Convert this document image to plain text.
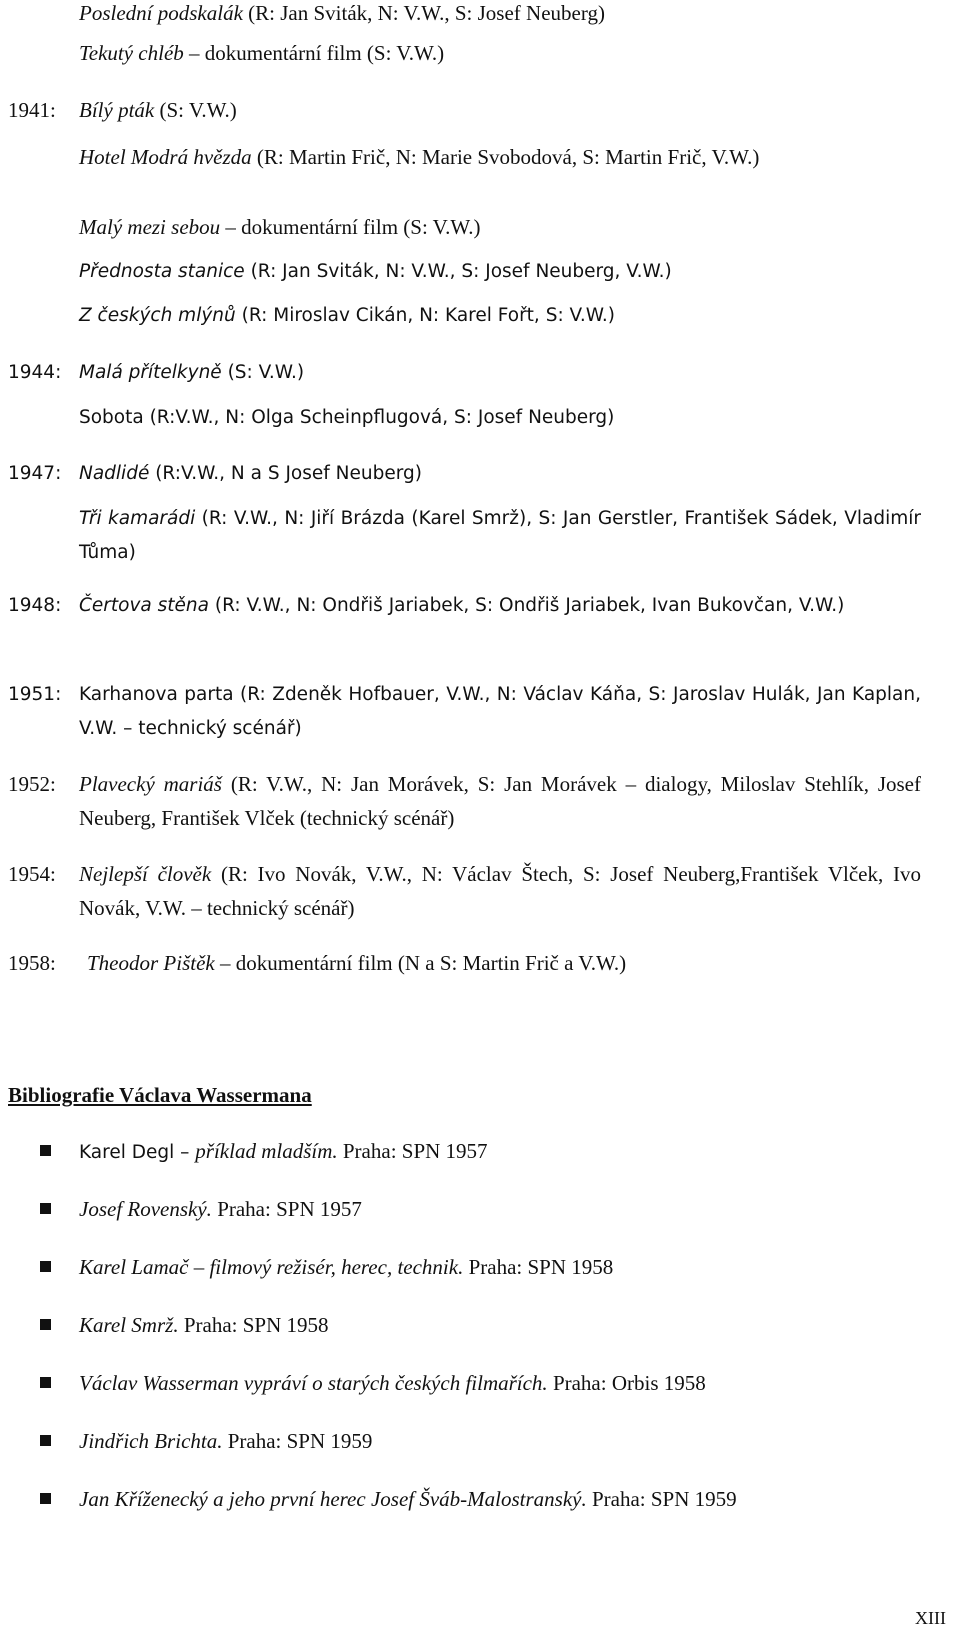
Poslední podskalák (R: Jan Sviták, N: V.W., S: Josef Neuberg)
Tekutý chléb – dokumentární film (S: V.W.)
1941: Bílý pták (S: V.W.)
Hotel Modrá hvězda (R: Martin Frič, N: Marie Svobodová, S: Martin Frič, V.W.)
Malý mezi sebou – dokumentární film (S: V.W.)
Přednosta stanice (R: Jan Sviták, N: V.W., S: Josef Neuberg, V.W.)
Z českých mlýnů (R: Miroslav Cikán, N: Karel Fořt, S: V.W.)
1944: Malá přítelkyně (S: V.W.)
Sobota (R:V.W., N: Olga Scheinpflugová, S: Josef Neuberg)
1947: Nadlidé (R:V.W., N a S Josef Neuberg)
Tři kamarádi (R: V.W., N: Jiří Brázda (Karel Smrž), S: Jan Gerstler, František Sádek, Vladimír Tůma)
1948: Čertova stěna (R: V.W., N: Ondřiš Jariabek, S: Ondřiš Jariabek, Ivan Bukovčan, V.W.)
1951: Karhanova parta (R: Zdeněk Hofbauer, V.W., N: Václav Káňa, S: Jaroslav Hulák, Jan Kaplan, V.W. – technický scénář)
1952: Plavecký mariáš (R: V.W., N: Jan Morávek, S: Jan Morávek – dialogy, Miloslav Stehlík, Josef Neuberg, František Vlček (technický scénář)
1954: Nejlepší člověk (R: Ivo Novák, V.W., N: Václav Štech, S: Josef Neuberg,František Vlček, Ivo Novák, V.W. – technický scénář)
1958: Theodor Pištěk – dokumentární film (N a S: Martin Frič a V.W.)
Bibliografie Václava Wassermana
Karel Degl – příklad mladším. Praha: SPN 1957
Josef Rovenský. Praha: SPN 1957
Karel Lamač – filmový režisér, herec, technik. Praha: SPN 1958
Karel Smrž. Praha: SPN 1958
Václav Wasserman vypráví o starých českých filmařích. Praha: Orbis 1958
Jindřich Brichta. Praha: SPN 1959
Jan Kříženecký a jeho první herec Josef Šváb-Malostranský. Praha: SPN 1959
XIII
